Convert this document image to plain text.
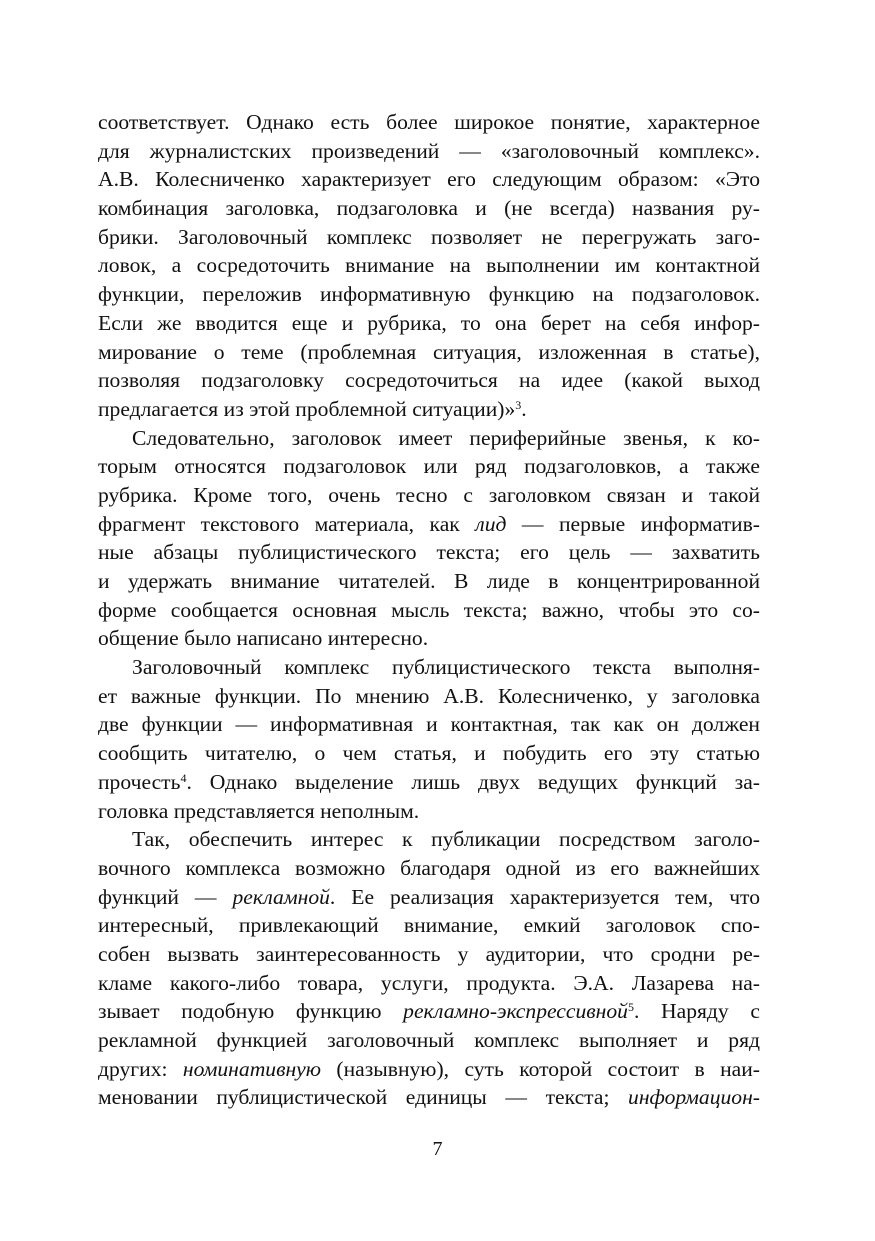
соответствует. Однако есть более широкое понятие, характерное
для журналистских произведений — «заголовочный комплекс».
А.В. Колесниченко характеризует его следующим образом: «Это
комбинация заголовка, подзаголовка и (не всегда) названия ру-
брики. Заголовочный комплекс позволяет не перегружать заго-
ловок, а сосредоточить внимание на выполнении им контактной
функции, переложив информативную функцию на подзаголовок.
Если же вводится еще и рубрика, то она берет на себя инфор-
мирование о теме (проблемная ситуация, изложенная в статье),
позволяя подзаголовку сосредоточиться на идее (какой выход
предлагается из этой проблемной ситуации)»$^3$.
Следовательно, заголовок имеет периферийные звенья, к ко-
торым относятся подзаголовок или ряд подзаголовков, а также
рубрика. Кроме того, очень тесно с заголовком связан и такой
фрагмент текстового материала, как лид — первые информатив-
ные абзацы публицистического текста; его цель — захватить
и удержать внимание читателей. В лиде в концентрированной
форме сообщается основная мысль текста; важно, чтобы это со-
общение было написано интересно.
Заголовочный комплекс публицистического текста выполня-
ет важные функции. По мнению А.В. Колесниченко, у заголовка
две функции — информативная и контактная, так как он должен
сообщить читателю, о чем статья, и побудить его эту статью
прочесть$^4$. Однако выделение лишь двух ведущих функций за-
головка представляется неполным.
Так, обеспечить интерес к публикации посредством заголо-
вочного комплекса возможно благодаря одной из его важнейших
функций — рекламной. Ее реализация характеризуется тем, что
интересный, привлекающий внимание, емкий заголовок спо-
собен вызвать заинтересованность у аудитории, что сродни ре-
кламе какого-либо товара, услуги, продукта. Э.А. Лазарева на-
зывает подобную функцию рекламно-экспрессивной$^5$. Наряду с
рекламной функцией заголовочный комплекс выполняет и ряд
других: номинативную (назывную), суть которой состоит в наи-
меновании публицистической единицы — текста; информацион-
7
